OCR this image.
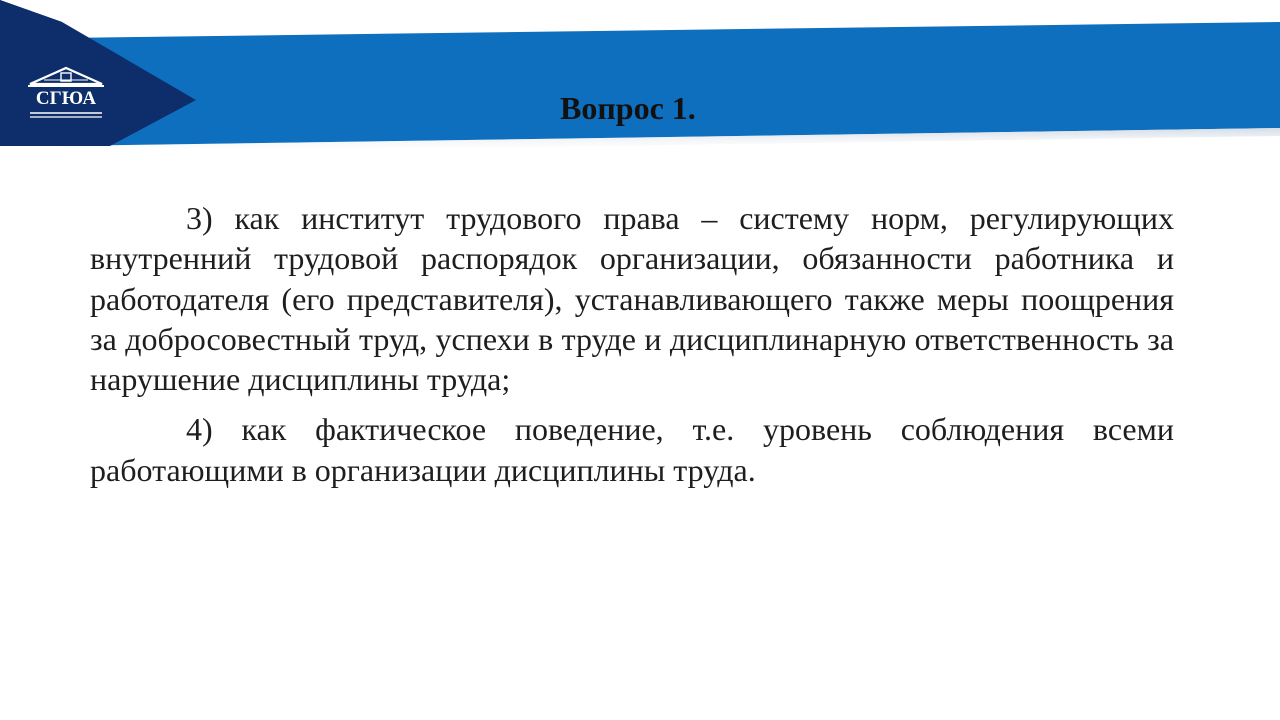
СГЮА	Вопрос 1.

3) как институт трудового права – систему норм, регулирующих внутренний трудовой распорядок организации, обязанности работника и работодателя (его представителя), устанавливающего также меры поощрения за добросовестный труд, успехи в труде и дисциплинарную ответственность за нарушение дисциплины труда;

4) как фактическое поведение, т.е. уровень соблюдения всеми работающими в организации дисциплины труда.
